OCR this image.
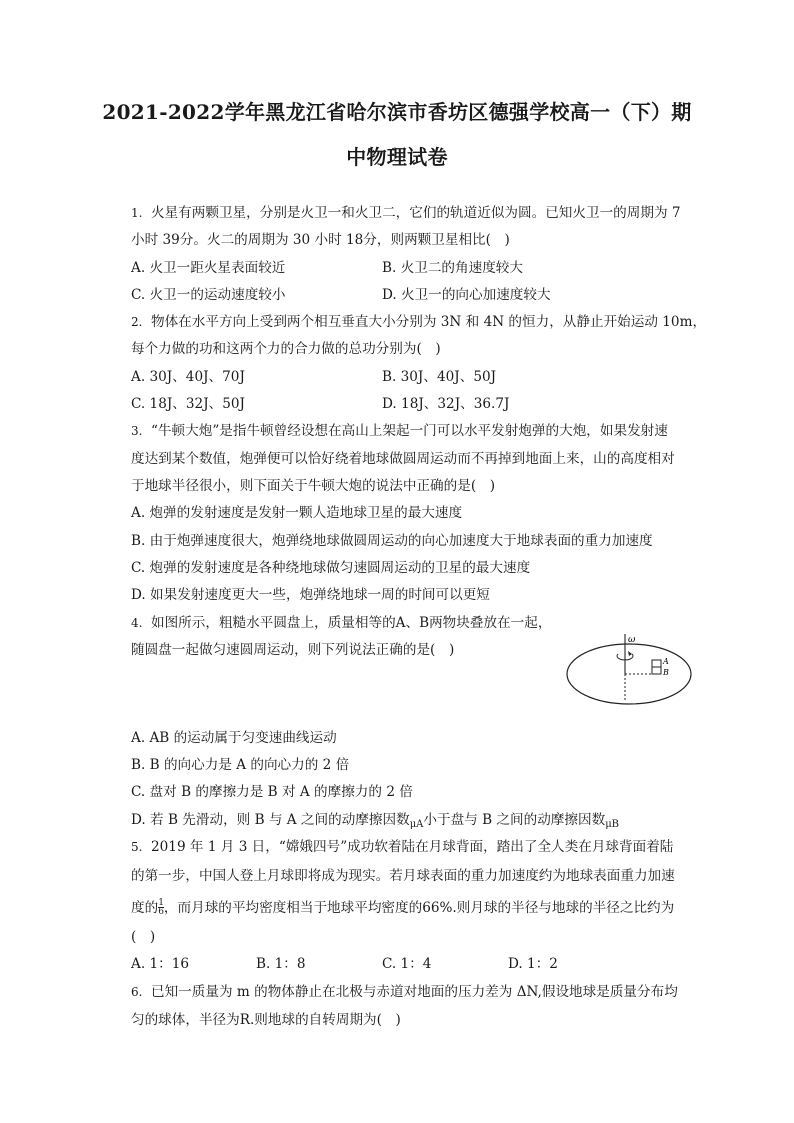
2021-2022学年黑龙江省哈尔滨市香坊区德强学校高一（下）期
中物理试卷
1. 火星有两颗卫星，分别是火卫一和火卫二，它们的轨道近似为圆。已知火卫一的周期为 7
小时 39分。火二的周期为 30 小时 18分，则两颗卫星相比(　)
A. 火卫一距火星表面较近	B. 火卫二的角速度较大
C. 火卫一的运动速度较小	D. 火卫一的向心加速度较大
2. 物体在水平方向上受到两个相互垂直大小分别为 3N 和 4N 的恒力，从静止开始运动 10m，
每个力做的功和这两个力的合力做的总功分别为(　)
A. 30J、40J、70J	B. 30J、40J、50J
C. 18J、32J、50J	D. 18J、32J、36.7J
3. “牛顿大炮”是指牛顿曾经设想在高山上架起一门可以水平发射炮弹的大炮，如果发射速
度达到某个数值，炮弹便可以恰好绕着地球做圆周运动而不再掉到地面上来，山的高度相对
于地球半径很小，则下面关于牛顿大炮的说法中正确的是(　)
A. 炮弹的发射速度是发射一颗人造地球卫星的最大速度
B. 由于炮弹速度很大，炮弹绕地球做圆周运动的向心加速度大于地球表面的重力加速度
C. 炮弹的发射速度是各种绕地球做匀速圆周运动的卫星的最大速度
D. 如果发射速度更大一些，炮弹绕地球一周的时间可以更短
4. 如图所示，粗糙水平圆盘上，质量相等的A、B两物块叠放在一起，
随圆盘一起做匀速圆周运动，则下列说法正确的是(　)
ω
A
B
A. AB 的运动属于匀变速曲线运动
B. B 的向心力是 A 的向心力的 2 倍
C. 盘对 B 的摩擦力是 B 对 A 的摩擦力的 2 倍
D. 若 B 先滑动，则 B 与 A 之间的动摩擦因数$_{\mu A}$小于盘与 B 之间的动摩擦因数$_{\mu B}$
5. 2019 年 1 月 3 日，“嫦娥四号”成功软着陆在月球背面，踏出了全人类在月球背面着陆
的第一步，中国人登上月球即将成为现实。若月球表面的重力加速度约为地球表面重力加速
度的 $\frac{1}{6}$ ，而月球的平均密度相当于地球平均密度的66%.则月球的半径与地球的半径之比约为
(　)
A. 1：16	B. 1：8	C. 1：4	D. 1：2
6. 已知一质量为 m 的物体静止在北极与赤道对地面的压力差为 ΔN,假设地球是质量分布均
匀的球体，半径为R.则地球的自转周期为(　)
